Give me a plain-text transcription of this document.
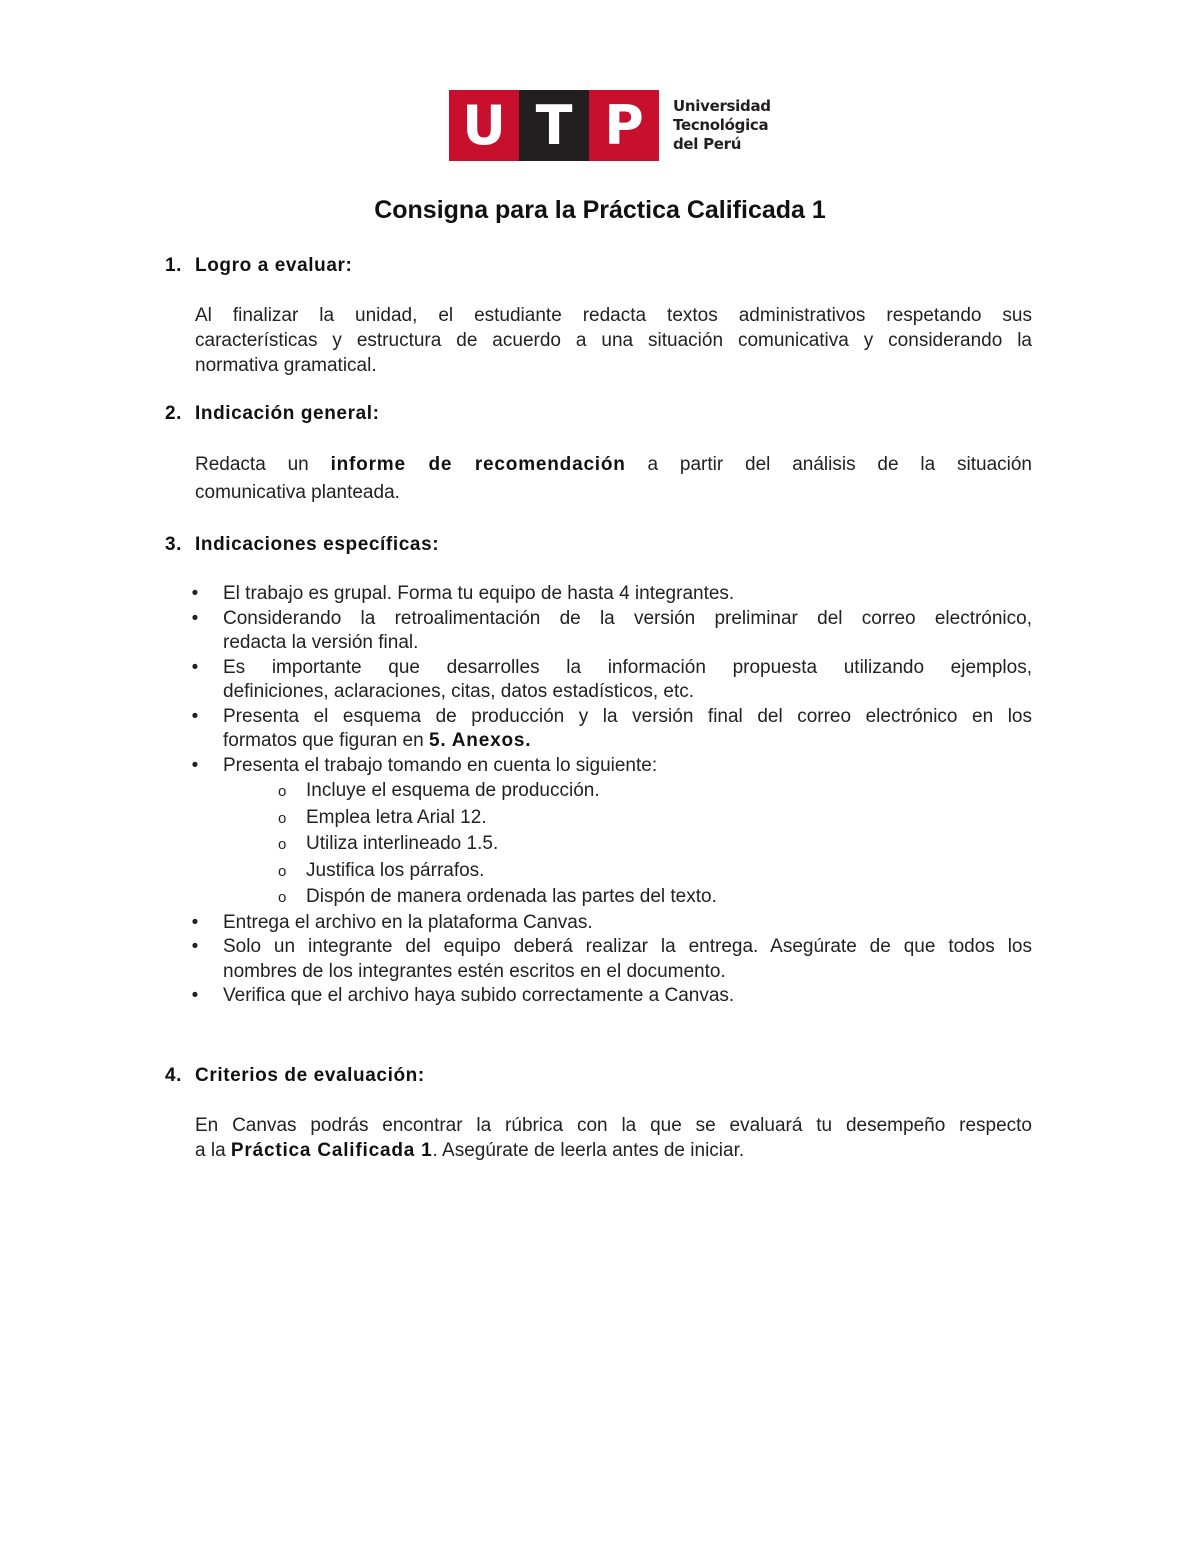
U T P	Universidad
Tecnológica
del Perú
Consigna para la Práctica Calificada 1
1. Logro a evaluar:
Al finalizar la unidad, el estudiante redacta textos administrativos respetando sus
características y estructura de acuerdo a una situación comunicativa y considerando la
normativa gramatical.
2. Indicación general:
Redacta un informe de recomendación a partir del análisis de la situación
comunicativa planteada.
3. Indicaciones específicas:
• El trabajo es grupal. Forma tu equipo de hasta 4 integrantes.
• Considerando la retroalimentación de la versión preliminar del correo electrónico,
redacta la versión final.
• Es importante que desarrolles la información propuesta utilizando ejemplos,
definiciones, aclaraciones, citas, datos estadísticos, etc.
• Presenta el esquema de producción y la versión final del correo electrónico en los
formatos que figuran en 5. Anexos.
• Presenta el trabajo tomando en cuenta lo siguiente:
o Incluye el esquema de producción.
o Emplea letra Arial 12.
o Utiliza interlineado 1.5.
o Justifica los párrafos.
o Dispón de manera ordenada las partes del texto.
• Entrega el archivo en la plataforma Canvas.
• Solo un integrante del equipo deberá realizar la entrega. Asegúrate de que todos los
nombres de los integrantes estén escritos en el documento.
• Verifica que el archivo haya subido correctamente a Canvas.
4. Criterios de evaluación:
En Canvas podrás encontrar la rúbrica con la que se evaluará tu desempeño respecto
a la Práctica Calificada 1. Asegúrate de leerla antes de iniciar.
